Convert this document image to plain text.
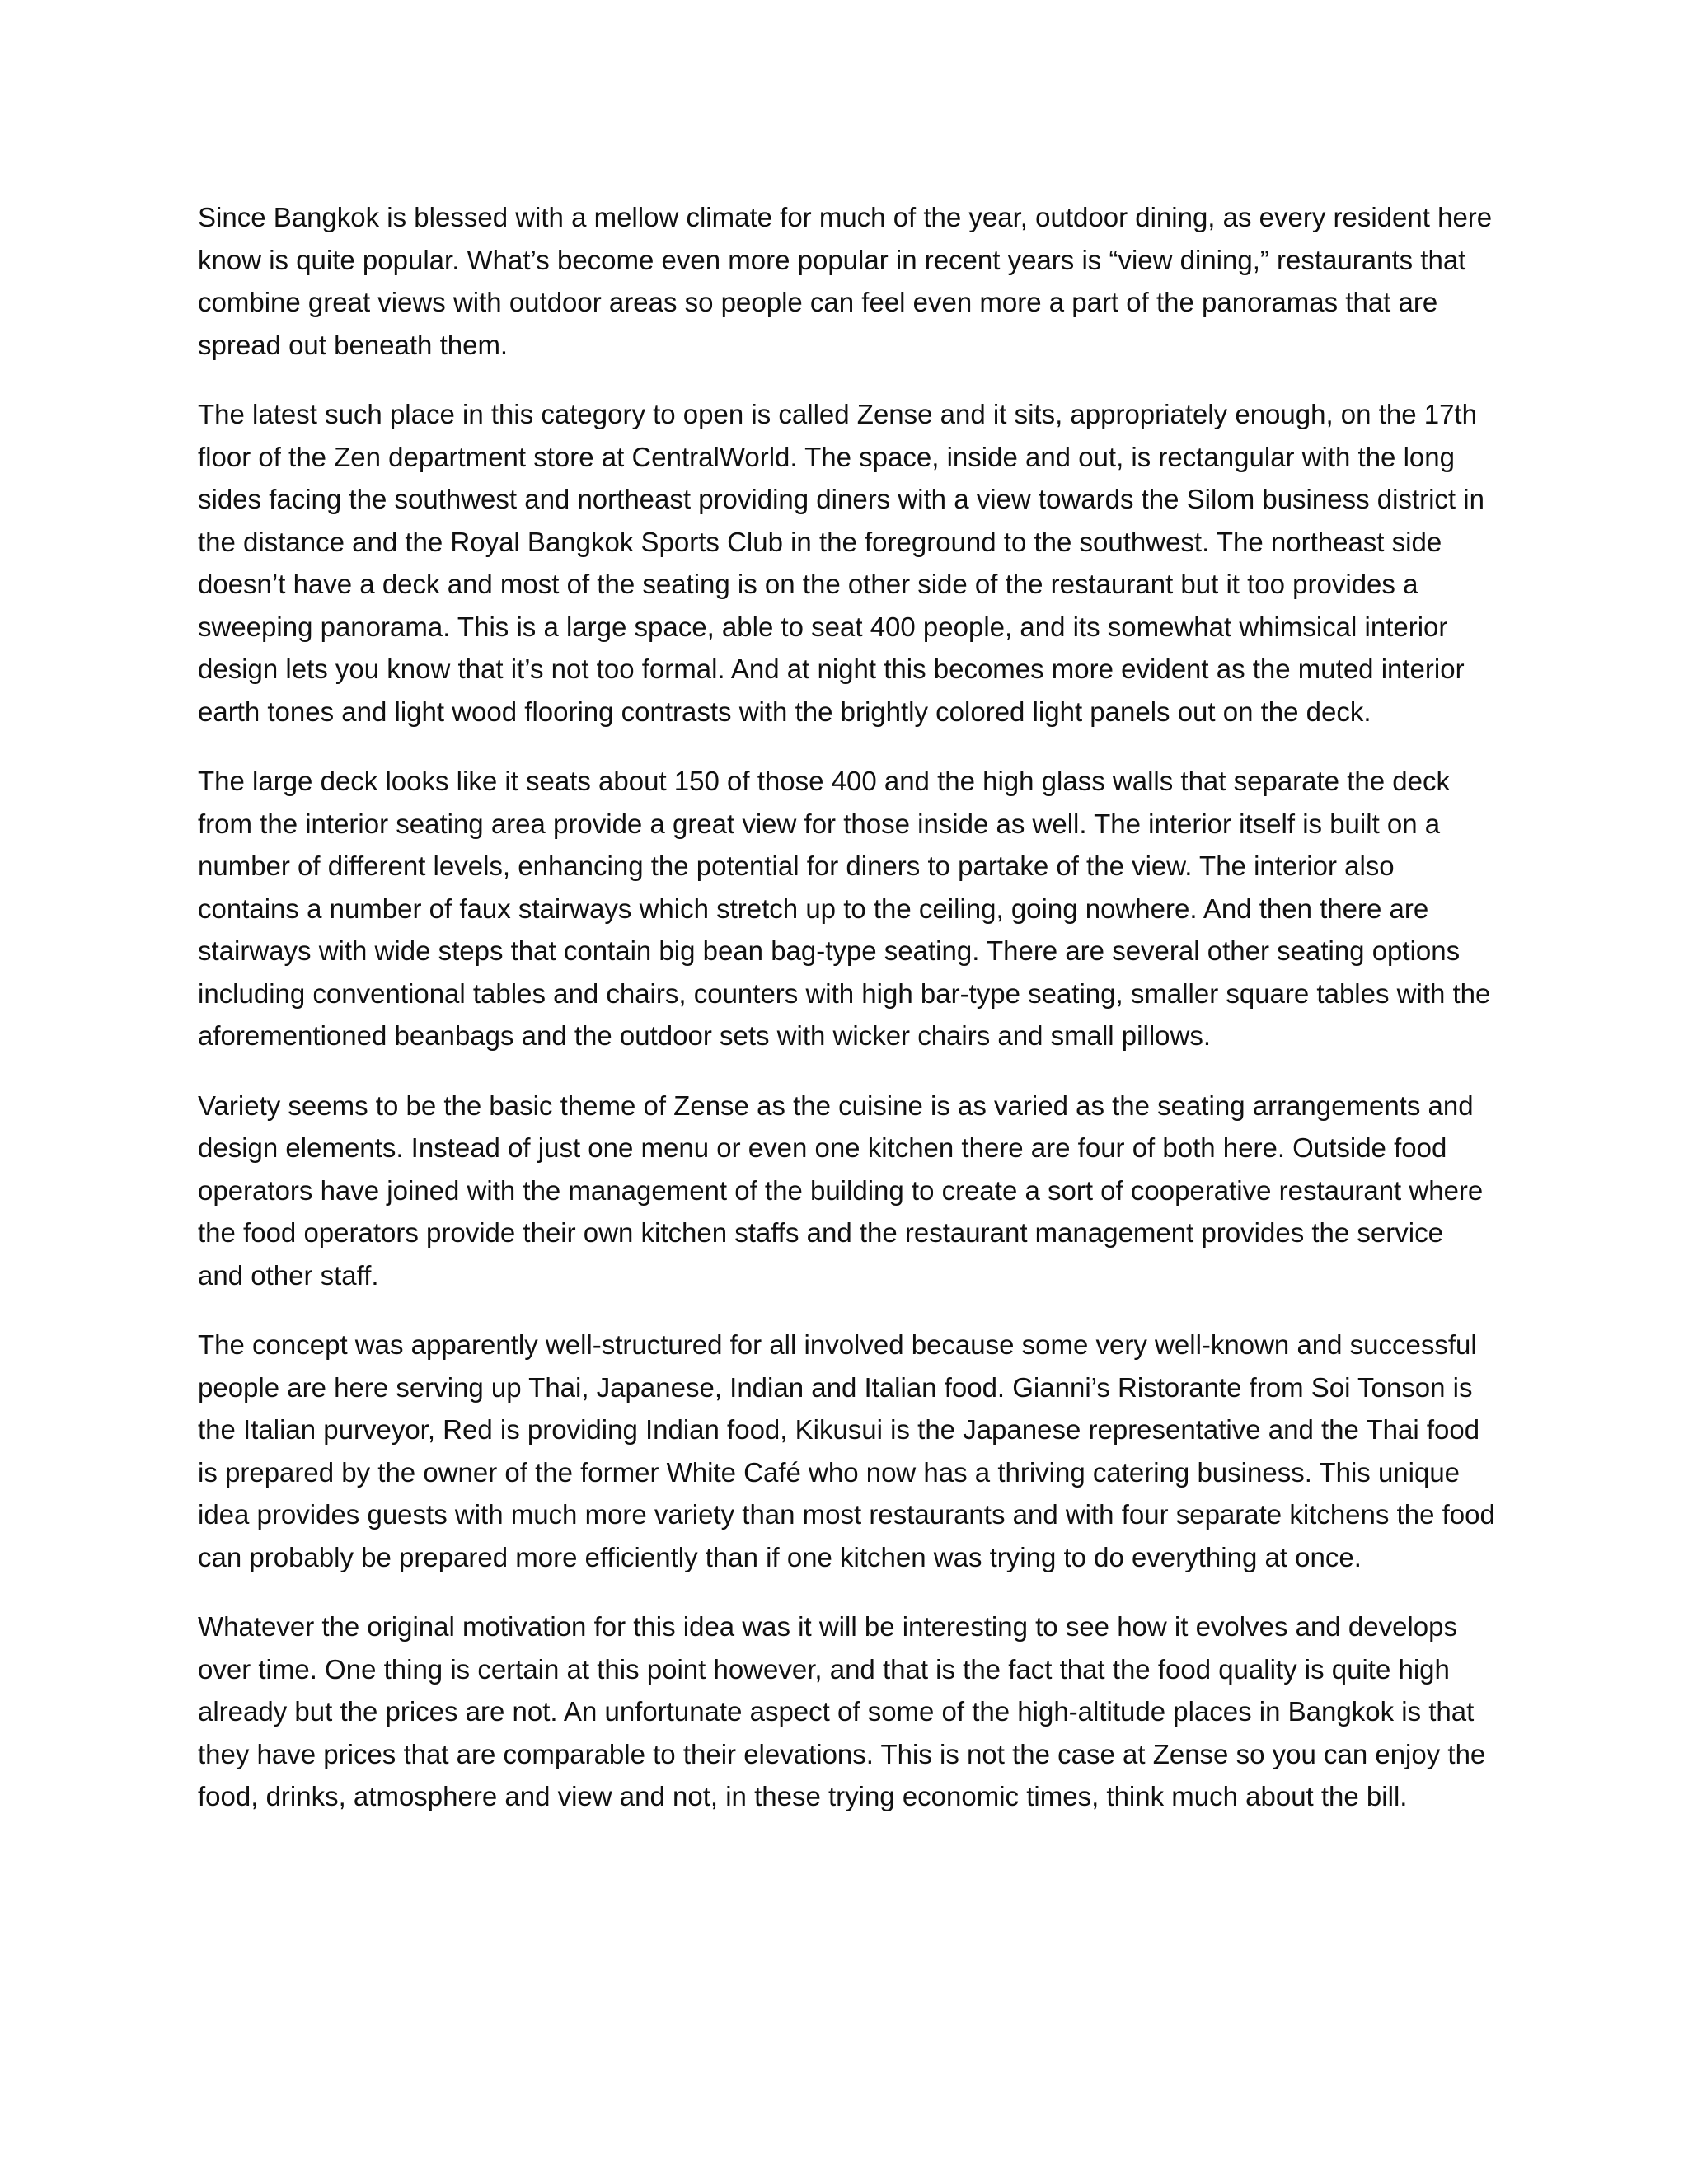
Since Bangkok is blessed with a mellow climate for much of the year, outdoor dining, as every resident here know is quite popular. What’s become even more popular in recent years is “view dining,” restaurants that combine great views with outdoor areas so people can feel even more a part of the panoramas that are spread out beneath them.

The latest such place in this category to open is called Zense and it sits, appropriately enough, on the 17th floor of the Zen department store at CentralWorld. The space, inside and out, is rectangular with the long sides facing the southwest and northeast providing diners with a view towards the Silom business district in the distance and the Royal Bangkok Sports Club in the foreground to the southwest. The northeast side doesn’t have a deck and most of the seating is on the other side of the restaurant but it too provides a sweeping panorama. This is a large space, able to seat 400 people, and its somewhat whimsical interior design lets you know that it’s not too formal. And at night this becomes more evident as the muted interior earth tones and light wood flooring contrasts with the brightly colored light panels out on the deck.

The large deck looks like it seats about 150 of those 400 and the high glass walls that separate the deck from the interior seating area provide a great view for those inside as well. The interior itself is built on a number of different levels, enhancing the potential for diners to partake of the view. The interior also contains a number of faux stairways which stretch up to the ceiling, going nowhere. And then there are stairways with wide steps that contain big bean bag-type seating. There are several other seating options including conventional tables and chairs, counters with high bar-type seating, smaller square tables with the aforementioned beanbags and the outdoor sets with wicker chairs and small pillows.

Variety seems to be the basic theme of Zense as the cuisine is as varied as the seating arrangements and design elements. Instead of just one menu or even one kitchen there are four of both here. Outside food operators have joined with the management of the building to create a sort of cooperative restaurant where the food operators provide their own kitchen staffs and the restaurant management provides the service and other staff.

The concept was apparently well-structured for all involved because some very well-known and successful people are here serving up Thai, Japanese, Indian and Italian food. Gianni’s Ristorante from Soi Tonson is the Italian purveyor, Red is providing Indian food, Kikusui is the Japanese representative and the Thai food is prepared by the owner of the former White Café who now has a thriving catering business. This unique idea provides guests with much more variety than most restaurants and with four separate kitchens the food can probably be prepared more efficiently than if one kitchen was trying to do everything at once.

Whatever the original motivation for this idea was it will be interesting to see how it evolves and develops over time. One thing is certain at this point however, and that is the fact that the food quality is quite high already but the prices are not. An unfortunate aspect of some of the high-altitude places in Bangkok is that they have prices that are comparable to their elevations. This is not the case at Zense so you can enjoy the food, drinks, atmosphere and view and not, in these trying economic times, think much about the bill.
